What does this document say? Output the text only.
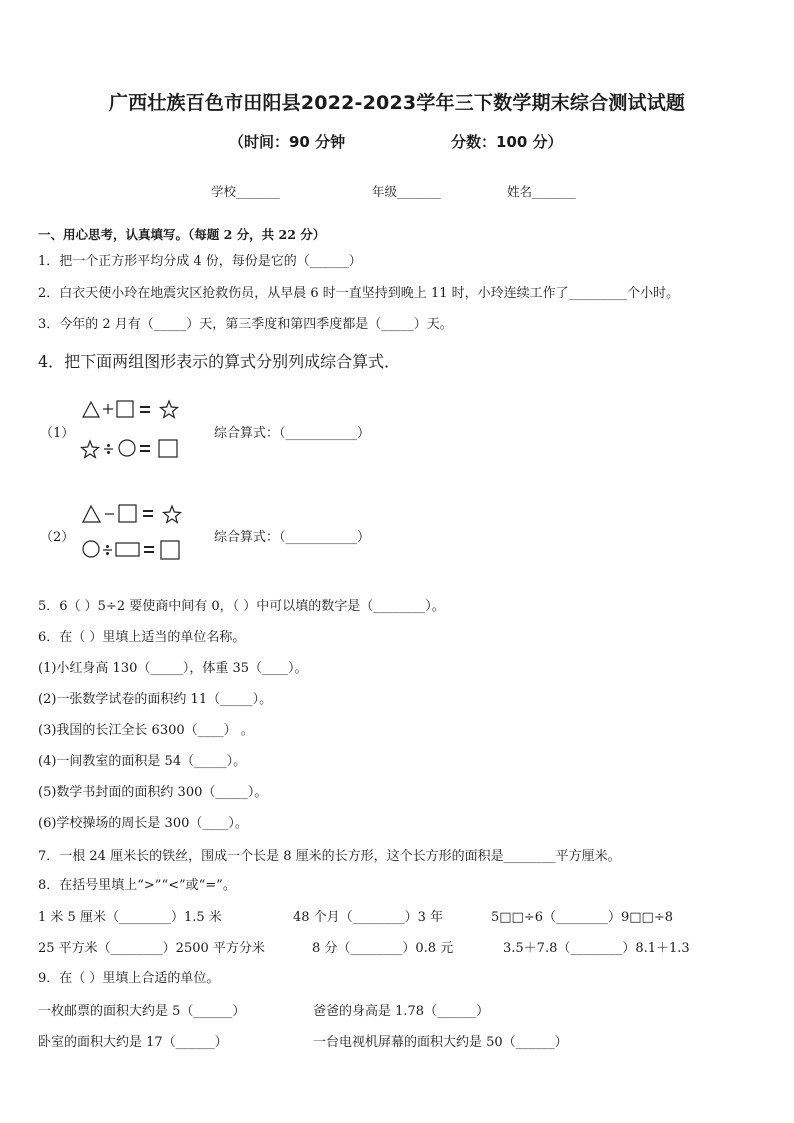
广西壮族百色市田阳县2022-2023学年三下数学期末综合测试试题
（时间：90 分钟	分数：100 分）
学校_______	年级_______	姓名_______
一、用心思考，认真填写。（每题 2 分，共 22 分）
1．把一个正方形平均分成 4 份，每份是它的（______）
2．白衣天使小玲在地震灾区抢救伤员，从早晨 6 时一直坚持到晚上 11 时，小玲连续工作了_________个小时。
3．今年的 2 月有（_____）天，第三季度和第四季度都是（_____）天。
4．把下面两组图形表示的算式分别列成综合算式．
（1）	综合算式：（___________）
（2）	综合算式：（___________）
5．6（ ）5÷2 要使商中间有 0，（ ）中可以填的数字是（________）。
6．在（ ）里填上适当的单位名称。
(1)小红身高 130（_____），体重 35（____）。
(2)一张数学试卷的面积约 11（_____）。
(3)我国的长江全长 6300（____） 。
(4)一间教室的面积是 54（_____）。
(5)数学书封面的面积约 300（_____）。
(6)学校操场的周长是 300（____）。
7．一根 24 厘米长的铁丝，围成一个长是 8 厘米的长方形，这个长方形的面积是________平方厘米。
8．在括号里填上“>”“<”或“=”。
1 米 5 厘米（________）1.5 米	48 个月（________）3 年	5□□÷6（________）9□□÷8
25 平方米（________）2500 平方分米	8 分（________）0.8 元	3.5＋7.8（________）8.1＋1.3
9．在（ ）里填上合适的单位。
一枚邮票的面积大约是 5（______）	爸爸的身高是 1.78（______）
卧室的面积大约是 17（______）	一台电视机屏幕的面积大约是 50（______）
